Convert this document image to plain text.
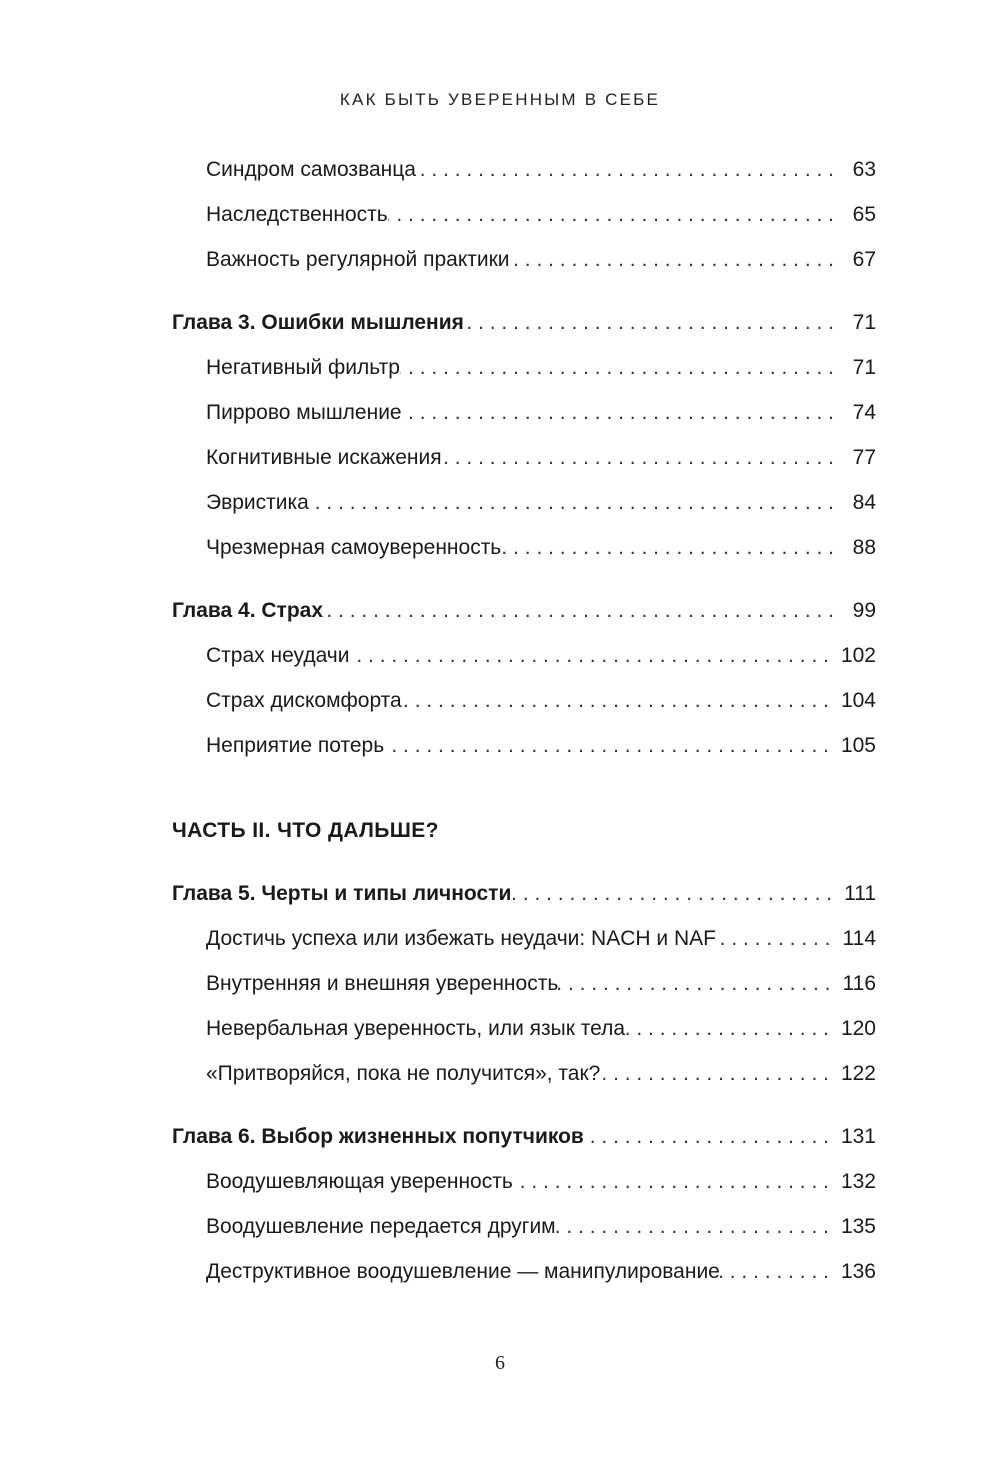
КАК БЫТЬ УВЕРЕННЫМ В СЕБЕ
Синдром самозванца . . .	63
Наследственность . . .	65
Важность регулярной практики . . .	67
Глава 3. Ошибки мышления . . .	71
Негативный фильтр . . .	71
Пиррово мышление . . .	74
Когнитивные искажения . . .	77
Эвристика . . .	84
Чрезмерная самоуверенность . . .	88
Глава 4. Страх . . .	99
Страх неудачи . . .	102
Страх дискомфорта . . .	104
Неприятие потерь . . .	105
ЧАСТЬ II. ЧТО ДАЛЬШЕ?
Глава 5. Черты и типы личности . . .	111
Достичь успеха или избежать неудачи: NACH и NAF . . .	114
Внутренняя и внешняя уверенность . . .	116
Невербальная уверенность, или язык тела . . .	120
«Притворяйся, пока не получится», так? . . .	122
Глава 6. Выбор жизненных попутчиков . . .	131
Воодушевляющая уверенность . . .	132
Воодушевление передается другим . . .	135
Деструктивное воодушевление — манипулирование . . .	136
6
